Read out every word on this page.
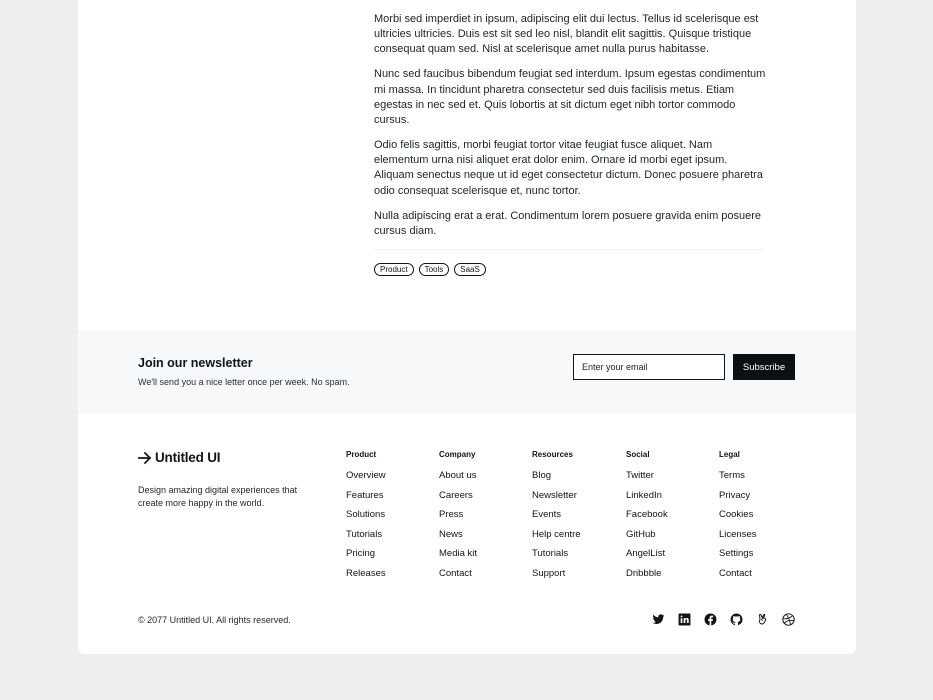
Morbi sed imperdiet in ipsum, adipiscing elit dui lectus. Tellus id scelerisque est ultricies ultricies. Duis est sit sed leo nisl, blandit elit sagittis. Quisque tristique consequat quam sed. Nisl at scelerisque amet nulla purus habitasse.

Nunc sed faucibus bibendum feugiat sed interdum. Ipsum egestas condimentum mi massa. In tincidunt pharetra consectetur sed duis facilisis metus. Etiam egestas in nec sed et. Quis lobortis at sit dictum eget nibh tortor commodo cursus.

Odio felis sagittis, morbi feugiat tortor vitae feugiat fusce aliquet. Nam elementum urna nisi aliquet erat dolor enim. Ornare id morbi eget ipsum. Aliquam senectus neque ut id eget consectetur dictum. Donec posuere pharetra odio consequat scelerisque et, nunc tortor.

Nulla adipiscing erat a erat. Condimentum lorem posuere gravida enim posuere cursus diam.

Product	Tools	SaaS
Join our newsletter
We'll send you a nice letter once per week. No spam.
Enter your email
Subscribe
Untitled UI
Design amazing digital experiences that create more happy in the world.
Product
Overview
Features
Solutions
Tutorials
Pricing
Releases
Company
About us
Careers
Press
News
Media kit
Contact
Resources
Blog
Newsletter
Events
Help centre
Tutorials
Support
Social
Twitter
LinkedIn
Facebook
GitHub
AngelList
Dribbble
Legal
Terms
Privacy
Cookies
Licenses
Settings
Contact
© 2077 Untitled UI. All rights reserved.
